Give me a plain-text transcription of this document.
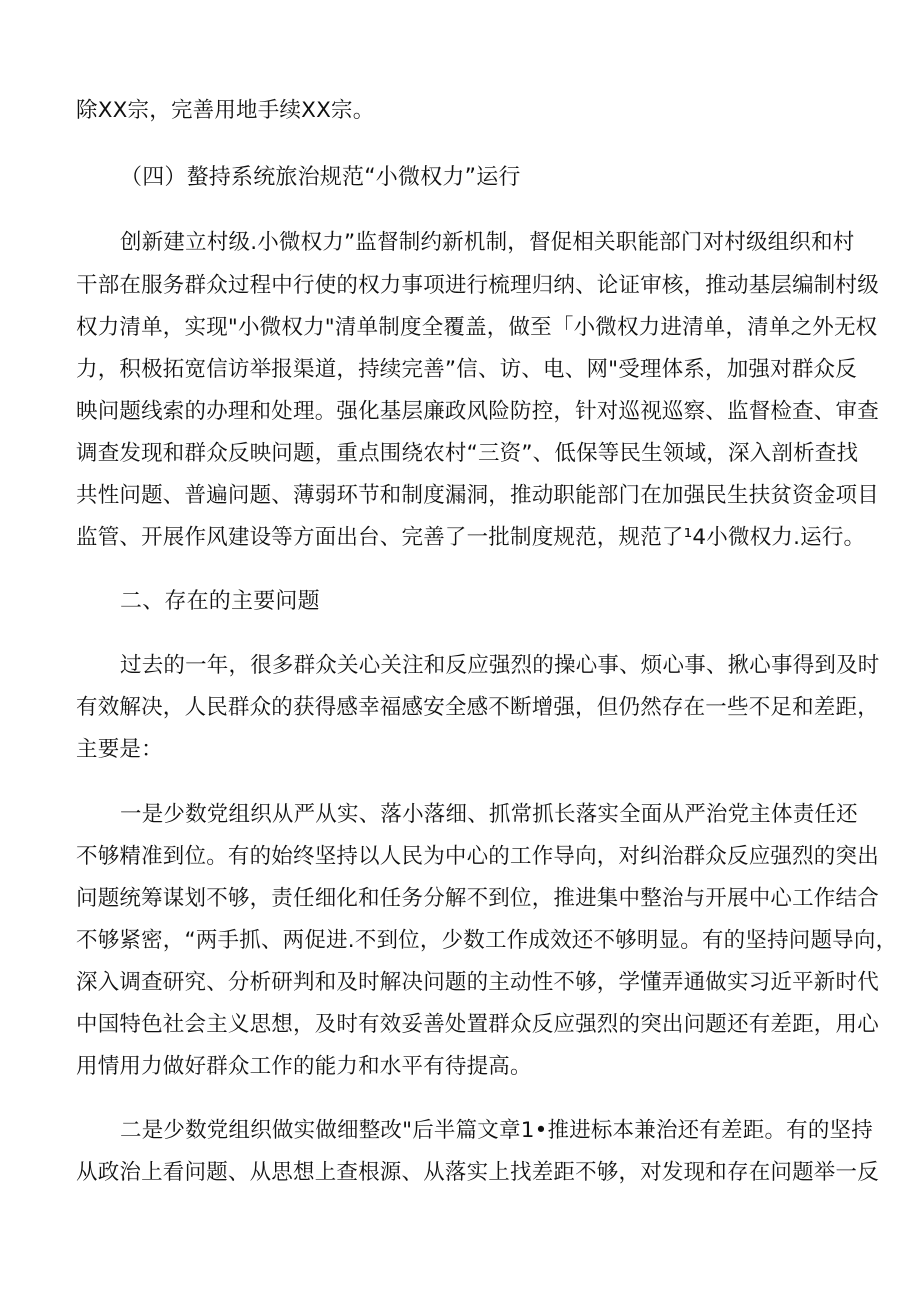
除XX宗，完善用地手续XX宗。
（四）螯持系统旅治规范“小微权力”运行
创新建立村级.小微权力”监督制约新机制，督促相关职能部门对村级组织和村
干部在服务群众过程中行使的权力事项进行梳理归纳、论证审核，推动基层编制村级
权力清单，实现"小微权力"清单制度全覆盖，做至「小微权力进清单，清单之外无权
力，积极拓宽信访举报渠道，持续完善”信、访、电、网"受理体系，加强对群众反
映问题线索的办理和处理。强化基层廉政风险防控，针对巡视巡察、监督检查、审查
调查发现和群众反映问题，重点围绕农村“三资”、低保等民生领域，深入剖析查找
共性问题、普遍问题、薄弱环节和制度漏洞，推动职能部门在加强民生扶贫资金项目
监管、开展作风建设等方面出台、完善了一批制度规范，规范了¹4小微权力.运行。
二、存在的主要问题
过去的一年，很多群众关心关注和反应强烈的操心事、烦心事、揪心事得到及时
有效解决，人民群众的获得感幸福感安全感不断增强，但仍然存在一些不足和差距，
主要是：
一是少数党组织从严从实、落小落细、抓常抓长落实全面从严治党主体责任还
不够精准到位。有的始终坚持以人民为中心的工作导向，对纠治群众反应强烈的突出
问题统筹谋划不够，责任细化和任务分解不到位，推进集中整治与开展中心工作结合
不够紧密，“两手抓、两促进.不到位，少数工作成效还不够明显。有的坚持问题导向，
深入调查研究、分析研判和及时解决问题的主动性不够，学懂弄通做实习近平新时代
中国特色社会主义思想，及时有效妥善处置群众反应强烈的突出问题还有差距，用心
用情用力做好群众工作的能力和水平有待提高。
二是少数党组织做实做细整改"后半篇文章1•推进标本兼治还有差距。有的坚持
从政治上看问题、从思想上查根源、从落实上找差距不够，对发现和存在问题举一反
